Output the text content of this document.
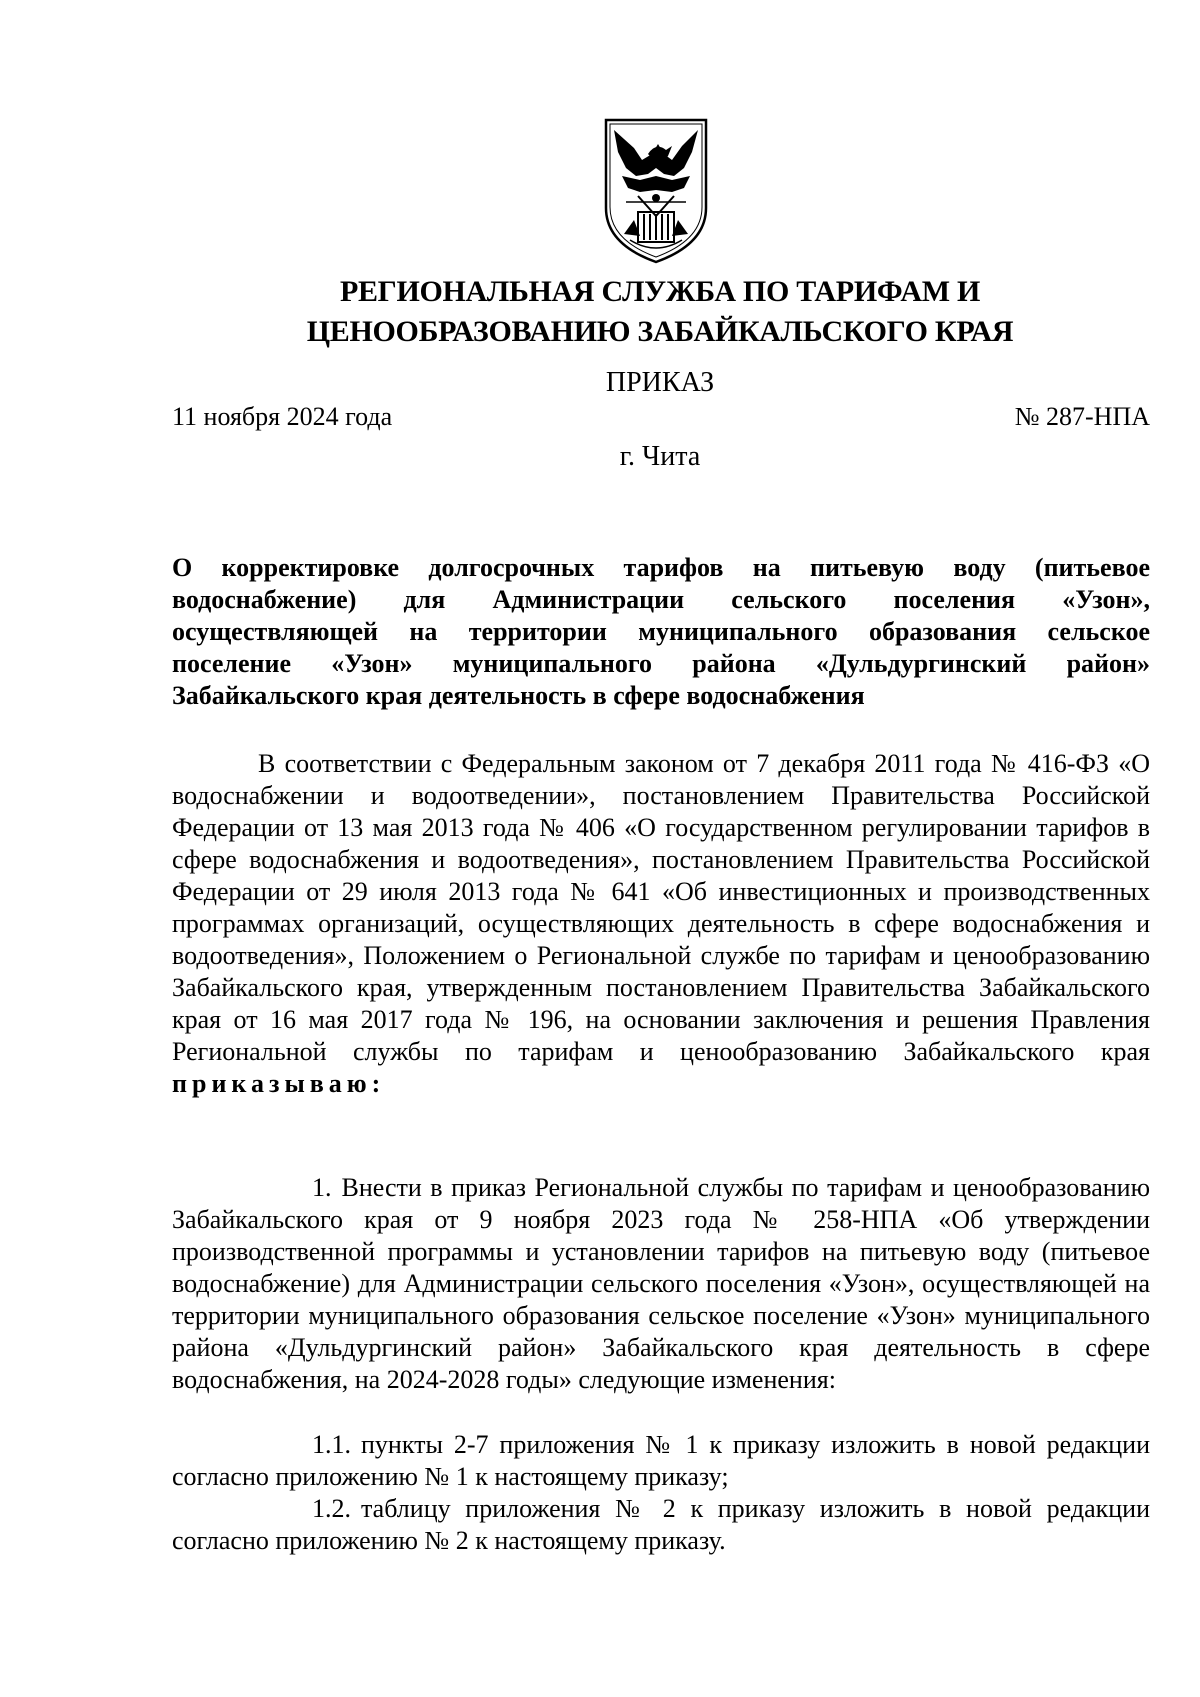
РЕГИОНАЛЬНАЯ СЛУЖБА ПО ТАРИФАМ И
ЦЕНООБРАЗОВАНИЮ ЗАБАЙКАЛЬСКОГО КРАЯ
ПРИКАЗ
11 ноября 2024 года	№ 287-НПА
г. Чита
О корректировке долгосрочных тарифов на питьевую воду (питьевое водоснабжение) для Администрации сельского поселения «Узон», осуществляющей на территории муниципального образования сельское поселение «Узон» муниципального района «Дульдургинский район» Забайкальского края деятельность в сфере водоснабжения
В соответствии с Федеральным законом от 7 декабря 2011 года № 416-ФЗ «О водоснабжении и водоотведении», постановлением Правительства Российской Федерации от 13 мая 2013 года № 406 «О государственном регулировании тарифов в сфере водоснабжения и водоотведения», постановлением Правительства Российской Федерации от 29 июля 2013 года № 641 «Об инвестиционных и производственных программах организаций, осуществляющих деятельность в сфере водоснабжения и водоотведения», Положением о Региональной службе по тарифам и ценообразованию Забайкальского края, утвержденным постановлением Правительства Забайкальского края от 16 мая 2017 года № 196, на основании заключения и решения Правления Региональной службы по тарифам и ценообразованию Забайкальского края приказываю:
1. Внести в приказ Региональной службы по тарифам и ценообразованию Забайкальского края от 9 ноября 2023 года № 258-НПА «Об утверждении производственной программы и установлении тарифов на питьевую воду (питьевое водоснабжение) для Администрации сельского поселения «Узон», осуществляющей на территории муниципального образования сельское поселение «Узон» муниципального района «Дульдургинский район» Забайкальского края деятельность в сфере водоснабжения, на 2024-2028 годы» следующие изменения:
1.1. пункты 2-7 приложения № 1 к приказу изложить в новой редакции согласно приложению № 1 к настоящему приказу;
1.2. таблицу приложения № 2 к приказу изложить в новой редакции согласно приложению № 2 к настоящему приказу.
